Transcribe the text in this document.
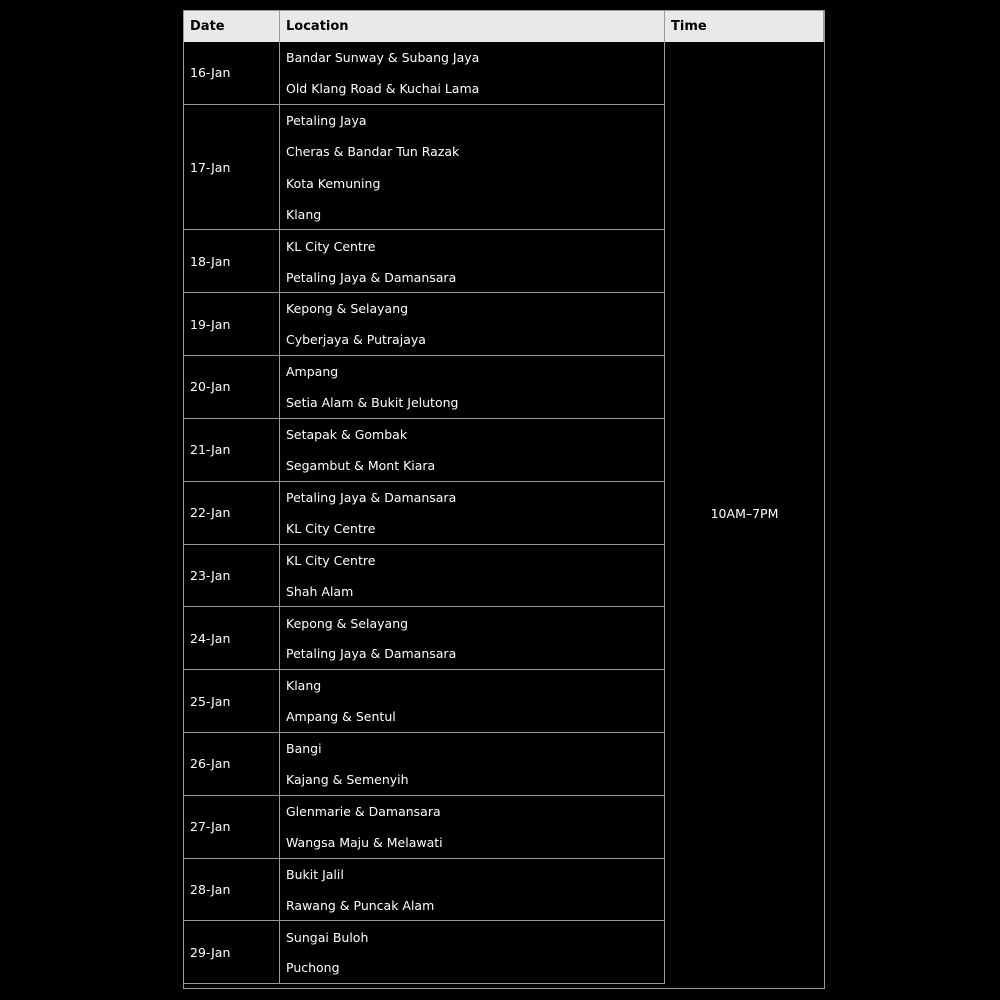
Date	Location	Time
10AM–7PM
16-Jan
Bandar Sunway & Subang Jaya
Old Klang Road & Kuchai Lama
17-Jan
Petaling Jaya
Cheras & Bandar Tun Razak
Kota Kemuning
Klang
18-Jan
KL City Centre
Petaling Jaya & Damansara
19-Jan
Kepong & Selayang
Cyberjaya & Putrajaya
20-Jan
Ampang
Setia Alam & Bukit Jelutong
21-Jan
Setapak & Gombak
Segambut & Mont Kiara
22-Jan
Petaling Jaya & Damansara
KL City Centre
23-Jan
KL City Centre
Shah Alam
24-Jan
Kepong & Selayang
Petaling Jaya & Damansara
25-Jan
Klang
Ampang & Sentul
26-Jan
Bangi
Kajang & Semenyih
27-Jan
Glenmarie & Damansara
Wangsa Maju & Melawati
28-Jan
Bukit Jalil
Rawang & Puncak Alam
29-Jan
Sungai Buloh
Puchong
